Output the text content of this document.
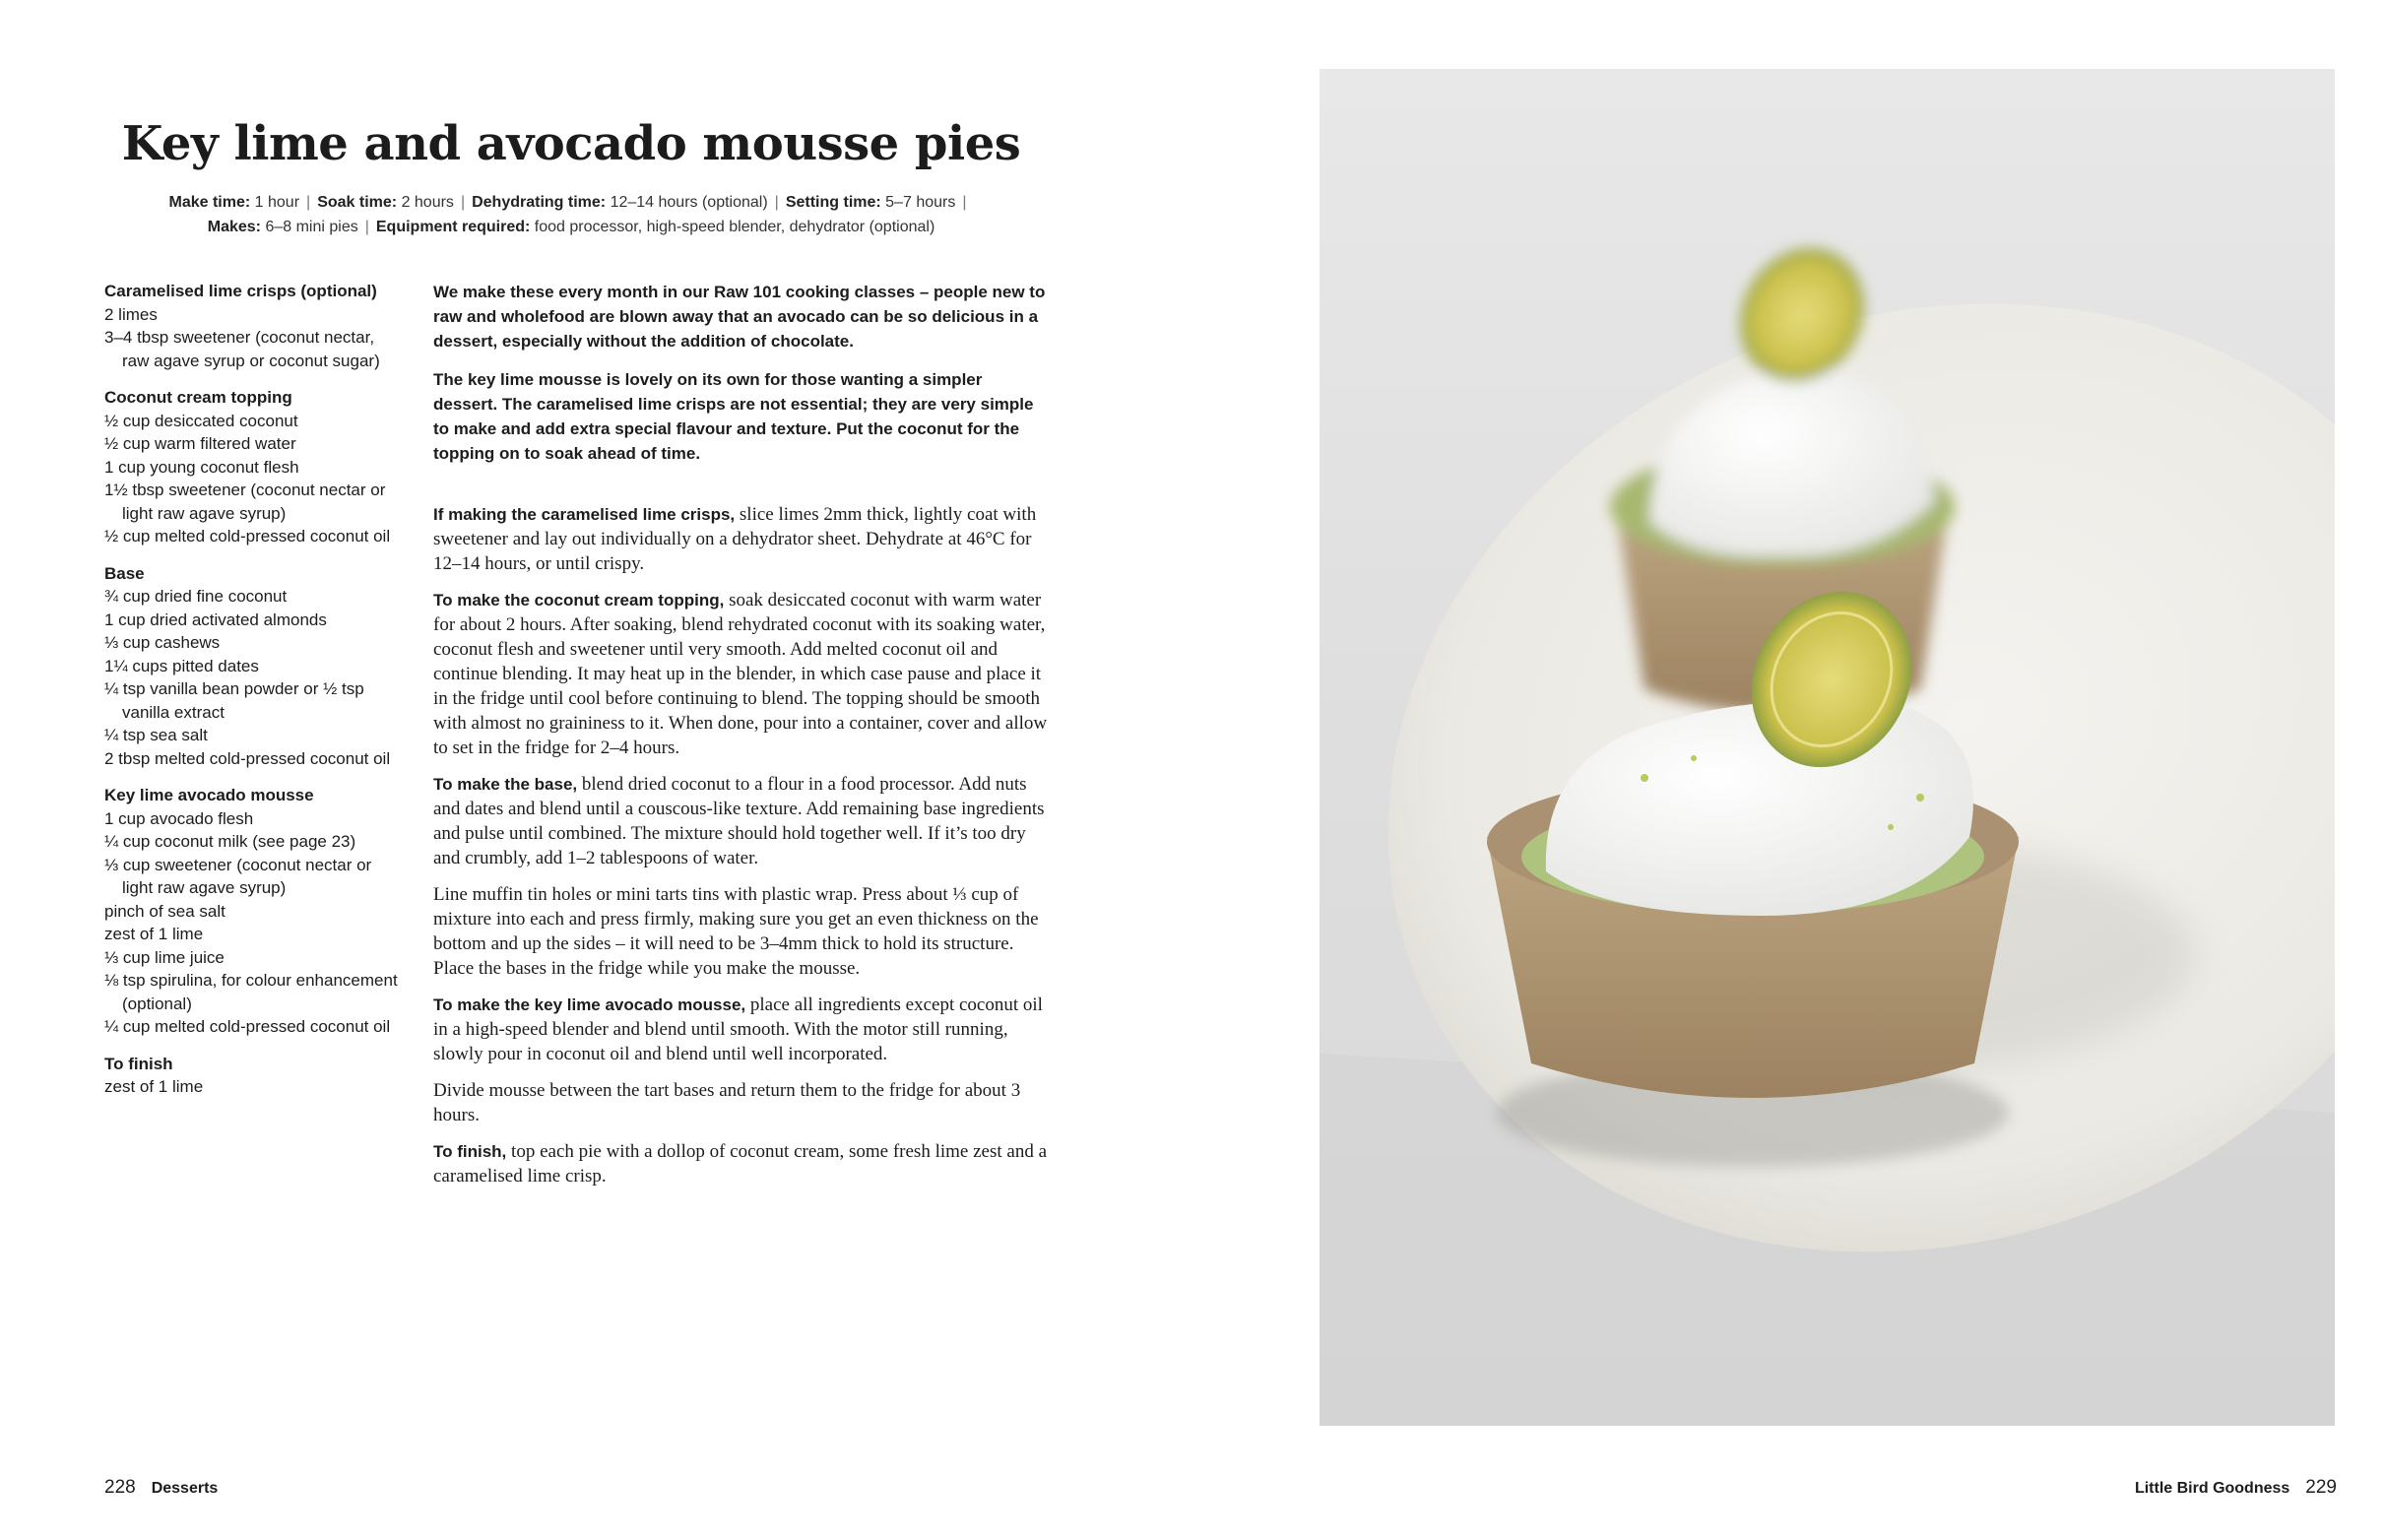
Key lime and avocado mousse pies
Make time: 1 hour | Soak time: 2 hours | Dehydrating time: 12–14 hours (optional) | Setting time: 5–7 hours |
Makes: 6–8 mini pies | Equipment required: food processor, high-speed blender, dehydrator (optional)
Caramelised lime crisps (optional)
2 limes
3–4 tbsp sweetener (coconut nectar, raw agave syrup or coconut sugar)
Coconut cream topping
½ cup desiccated coconut
½ cup warm filtered water
1 cup young coconut flesh
1½ tbsp sweetener (coconut nectar or light raw agave syrup)
½ cup melted cold-pressed coconut oil
Base
¾ cup dried fine coconut
1 cup dried activated almonds
⅓ cup cashews
1¼ cups pitted dates
¼ tsp vanilla bean powder or ½ tsp vanilla extract
¼ tsp sea salt
2 tbsp melted cold-pressed coconut oil
Key lime avocado mousse
1 cup avocado flesh
¼ cup coconut milk (see page 23)
⅓ cup sweetener (coconut nectar or light raw agave syrup)
pinch of sea salt
zest of 1 lime
⅓ cup lime juice
⅛ tsp spirulina, for colour enhancement (optional)
¼ cup melted cold-pressed coconut oil
To finish
zest of 1 lime

We make these every month in our Raw 101 cooking classes – people new to raw and wholefood are blown away that an avocado can be so delicious in a dessert, especially without the addition of chocolate.

The key lime mousse is lovely on its own for those wanting a simpler dessert. The caramelised lime crisps are not essential; they are very simple to make and add extra special flavour and texture. Put the coconut for the topping on to soak ahead of time.

If making the caramelised lime crisps, slice limes 2mm thick, lightly coat with sweetener and lay out individually on a dehydrator sheet. Dehydrate at 46°C for 12–14 hours, or until crispy.

To make the coconut cream topping, soak desiccated coconut with warm water for about 2 hours. After soaking, blend rehydrated coconut with its soaking water, coconut flesh and sweetener until very smooth. Add melted coconut oil and continue blending. It may heat up in the blender, in which case pause and place it in the fridge until cool before continuing to blend. The topping should be smooth with almost no graininess to it. When done, pour into a container, cover and allow to set in the fridge for 2–4 hours.

To make the base, blend dried coconut to a flour in a food processor. Add nuts and dates and blend until a couscous-like texture. Add remaining base ingredients and pulse until combined. The mixture should hold together well. If it’s too dry and crumbly, add 1–2 tablespoons of water.

Line muffin tin holes or mini tarts tins with plastic wrap. Press about ⅓ cup of mixture into each and press firmly, making sure you get an even thickness on the bottom and up the sides – it will need to be 3–4mm thick to hold its structure. Place the bases in the fridge while you make the mousse.

To make the key lime avocado mousse, place all ingredients except coconut oil in a high-speed blender and blend until smooth. With the motor still running, slowly pour in coconut oil and blend until well incorporated.

Divide mousse between the tart bases and return them to the fridge for about 3 hours.

To finish, top each pie with a dollop of coconut cream, some fresh lime zest and a caramelised lime crisp.

228 Desserts	Little Bird Goodness 229
